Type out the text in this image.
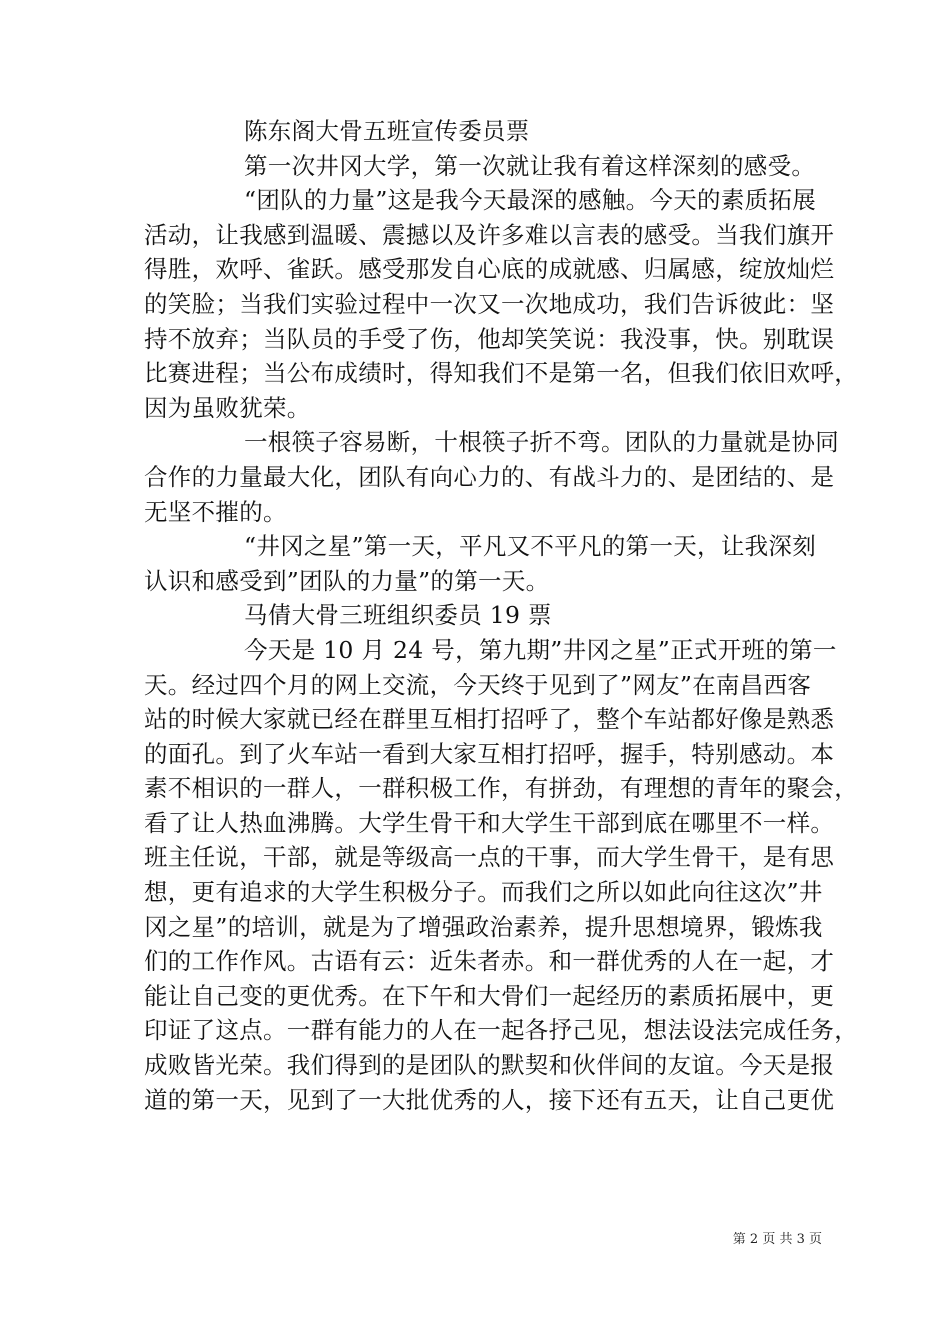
陈东阁大骨五班宣传委员票
第一次井冈大学，第一次就让我有着这样深刻的感受。
“团队的力量”这是我今天最深的感触。今天的素质拓展
活动，让我感到温暖、震撼以及许多难以言表的感受。当我们旗开
得胜，欢呼、雀跃。感受那发自心底的成就感、归属感，绽放灿烂
的笑脸；当我们实验过程中一次又一次地成功，我们告诉彼此：坚
持不放弃；当队员的手受了伤，他却笑笑说：我没事，快。别耽误
比赛进程；当公布成绩时，得知我们不是第一名，但我们依旧欢呼，
因为虽败犹荣。
一根筷子容易断，十根筷子折不弯。团队的力量就是协同
合作的力量最大化，团队有向心力的、有战斗力的、是团结的、是
无坚不摧的。
“井冈之星”第一天，平凡又不平凡的第一天，让我深刻
认识和感受到”团队的力量”的第一天。
马倩大骨三班组织委员 19 票
今天是 10 月 24 号，第九期”井冈之星”正式开班的第一
天。经过四个月的网上交流，今天终于见到了”网友”在南昌西客
站的时候大家就已经在群里互相打招呼了，整个车站都好像是熟悉
的面孔。到了火车站一看到大家互相打招呼，握手，特别感动。本
素不相识的一群人，一群积极工作，有拼劲，有理想的青年的聚会，
看了让人热血沸腾。大学生骨干和大学生干部到底在哪里不一样。
班主任说，干部，就是等级高一点的干事，而大学生骨干，是有思
想，更有追求的大学生积极分子。而我们之所以如此向往这次”井
冈之星”的培训，就是为了增强政治素养，提升思想境界，锻炼我
们的工作作风。古语有云：近朱者赤。和一群优秀的人在一起，才
能让自己变的更优秀。在下午和大骨们一起经历的素质拓展中，更
印证了这点。一群有能力的人在一起各抒己见，想法设法完成任务，
成败皆光荣。我们得到的是团队的默契和伙伴间的友谊。今天是报
道的第一天，见到了一大批优秀的人，接下还有五天，让自己更优
第 2 页 共 3 页
